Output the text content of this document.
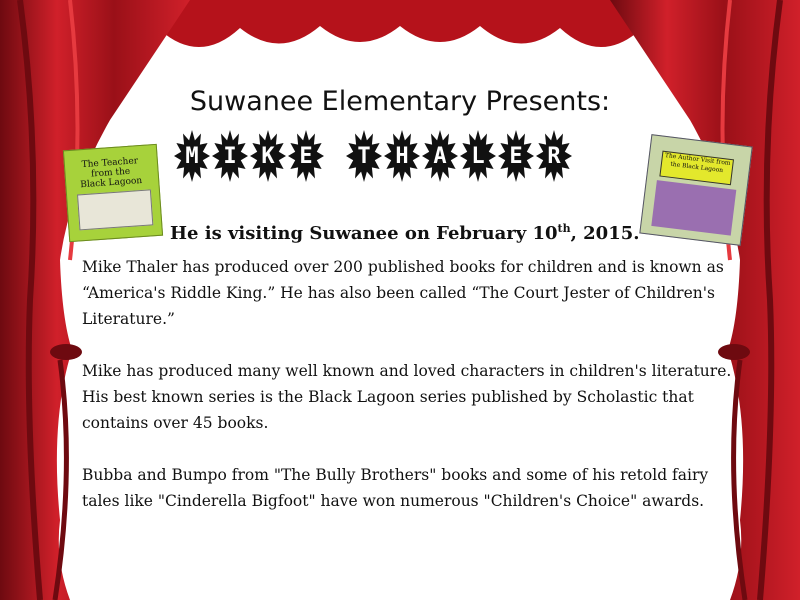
Suwanee Elementary Presents:
M I K E T H A L E R
The Teacher from the Black Lagoon
The Author Visit from the Black Lagoon
He is visiting Suwanee on February 10th, 2015.

Mike Thaler has produced over 200 published books for children and is known as “America's Riddle King.” He has also been called “The Court Jester of Children's Literature.”

Mike has produced many well known and loved characters in children's literature. His best known series is the Black Lagoon series published by Scholastic that contains over 45 books.

Bubba and Bumpo from "The Bully Brothers" books and some of his retold fairy tales like "Cinderella Bigfoot" have won numerous "Children's Choice" awards.
